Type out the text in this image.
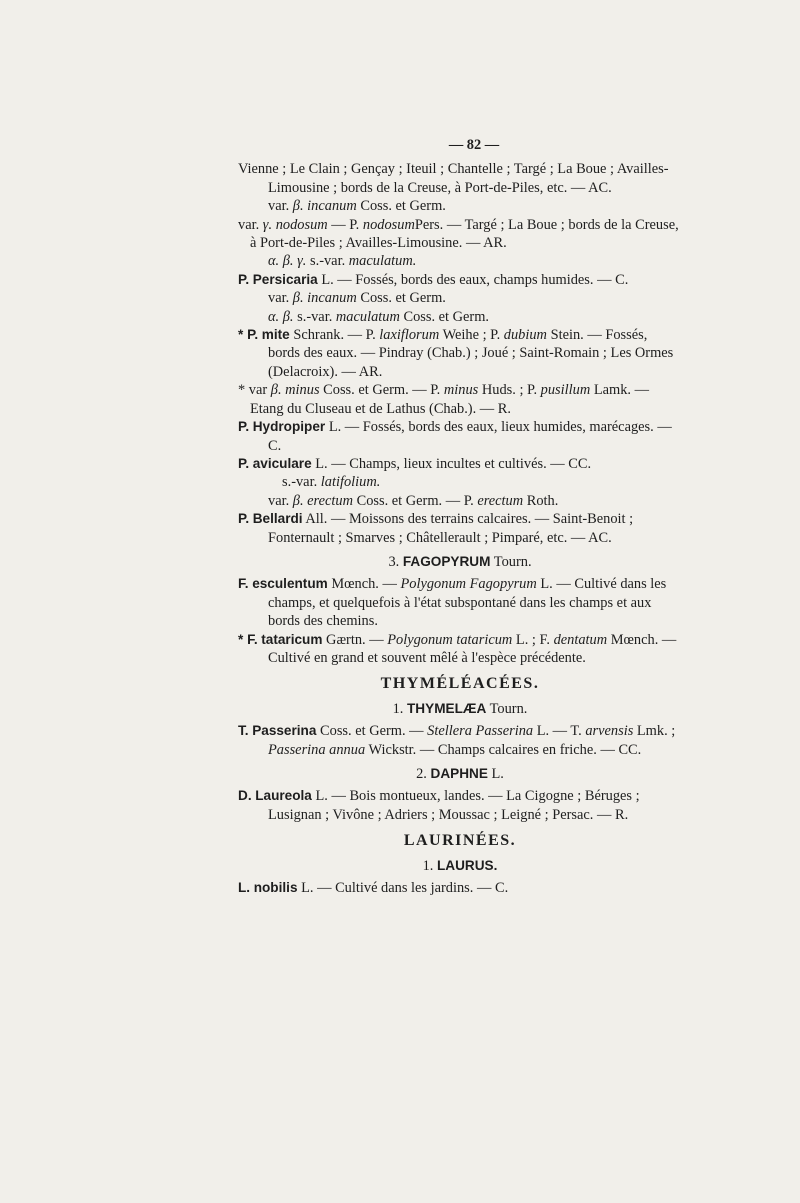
— 82 —
Vienne ; Le Clain ; Gençay ; Iteuil ; Chantelle ; Targé ; La Boue ; Availles-Limousine ; bords de la Creuse, à Port-de-Piles, etc. — AC.
var. β. incanum Coss. et Germ.
var. γ. nodosum — P. nodosumPers. — Targé ; La Boue ; bords de la Creuse, à Port-de-Piles ; Availles-Limousine. — AR.
α. β. γ. s.-var. maculatum.
P. Persicaria L. — Fossés, bords des eaux, champs humides. — C.
var. β. incanum Coss. et Germ.
α. β. s.-var. maculatum Coss. et Germ.
* P. mite Schrank. — P. laxiflorum Weihe ; P. dubium Stein. — Fossés, bords des eaux. — Pindray (Chab.) ; Joué ; Saint-Romain ; Les Ormes (Delacroix). — AR.
* var β. minus Coss. et Germ. — P. minus Huds. ; P. pusillum Lamk. — Etang du Cluseau et de Lathus (Chab.). — R.
P. Hydropiper L. — Fossés, bords des eaux, lieux humides, marécages. — C.
P. aviculare L. — Champs, lieux incultes et cultivés. — CC.
s.-var. latifolium.
var. β. erectum Coss. et Germ. — P. erectum Roth.
P. Bellardi All. — Moissons des terrains calcaires. — Saint-Benoit ; Fonternault ; Smarves ; Châtellerault ; Pimparé, etc. — AC.
3. FAGOPYRUM Tourn.
F. esculentum Mœnch. — Polygonum Fagopyrum L. — Cultivé dans les champs, et quelquefois à l'état subspontané dans les champs et aux bords des chemins.
* F. tataricum Gærtn. — Polygonum tataricum L. ; F. dentatum Mœnch. — Cultivé en grand et souvent mêlé à l'espèce précédente.
THYMÉLÉACÉES.
1. THYMELÆA Tourn.
T. Passerina Coss. et Germ. — Stellera Passerina L. — T. arvensis Lmk. ; Passerina annua Wickstr. — Champs calcaires en friche. — CC.
2. DAPHNE L.
D. Laureola L. — Bois montueux, landes. — La Cigogne ; Béruges ; Lusignan ; Vivône ; Adriers ; Moussac ; Leigné ; Persac. — R.
LAURINÉES.
1. LAURUS.
L. nobilis L. — Cultivé dans les jardins. — C.
